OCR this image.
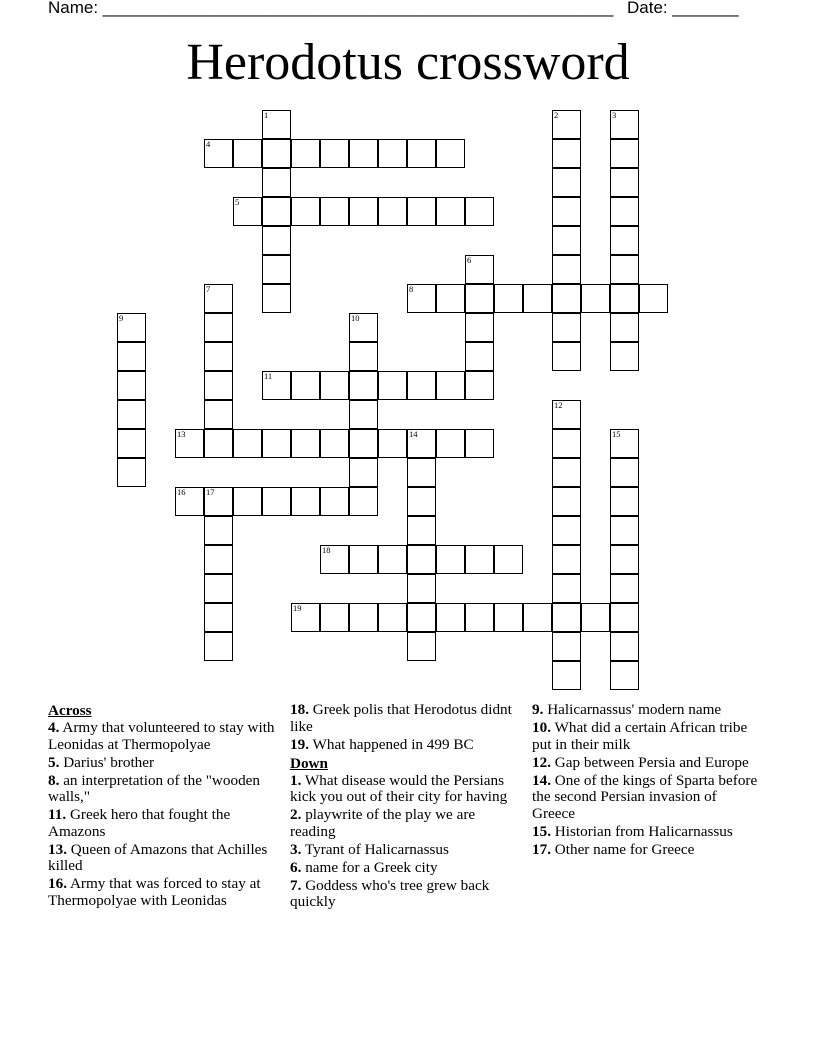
Name: ______________________________________________________ Date: _______
Herodotus crossword
1	2	3
4
5
6
7	8
9	10
11
12
13	14	15
16 17
18
19
Across
4. Army that volunteered to stay with Leonidas at Thermopolyae
5. Darius' brother
8. an interpretation of the "wooden walls,"
11. Greek hero that fought the Amazons
13. Queen of Amazons that Achilles killed
16. Army that was forced to stay at Thermopolyae with Leonidas
18. Greek polis that Herodotus didnt like
19. What happened in 499 BC
Down
1. What disease would the Persians kick you out of their city for having
2. playwrite of the play we are reading
3. Tyrant of Halicarnassus
6. name for a Greek city
7. Goddess who's tree grew back quickly
9. Halicarnassus' modern name
10. What did a certain African tribe put in their milk
12. Gap between Persia and Europe
14. One of the kings of Sparta before the second Persian invasion of Greece
15. Historian from Halicarnassus
17. Other name for Greece
